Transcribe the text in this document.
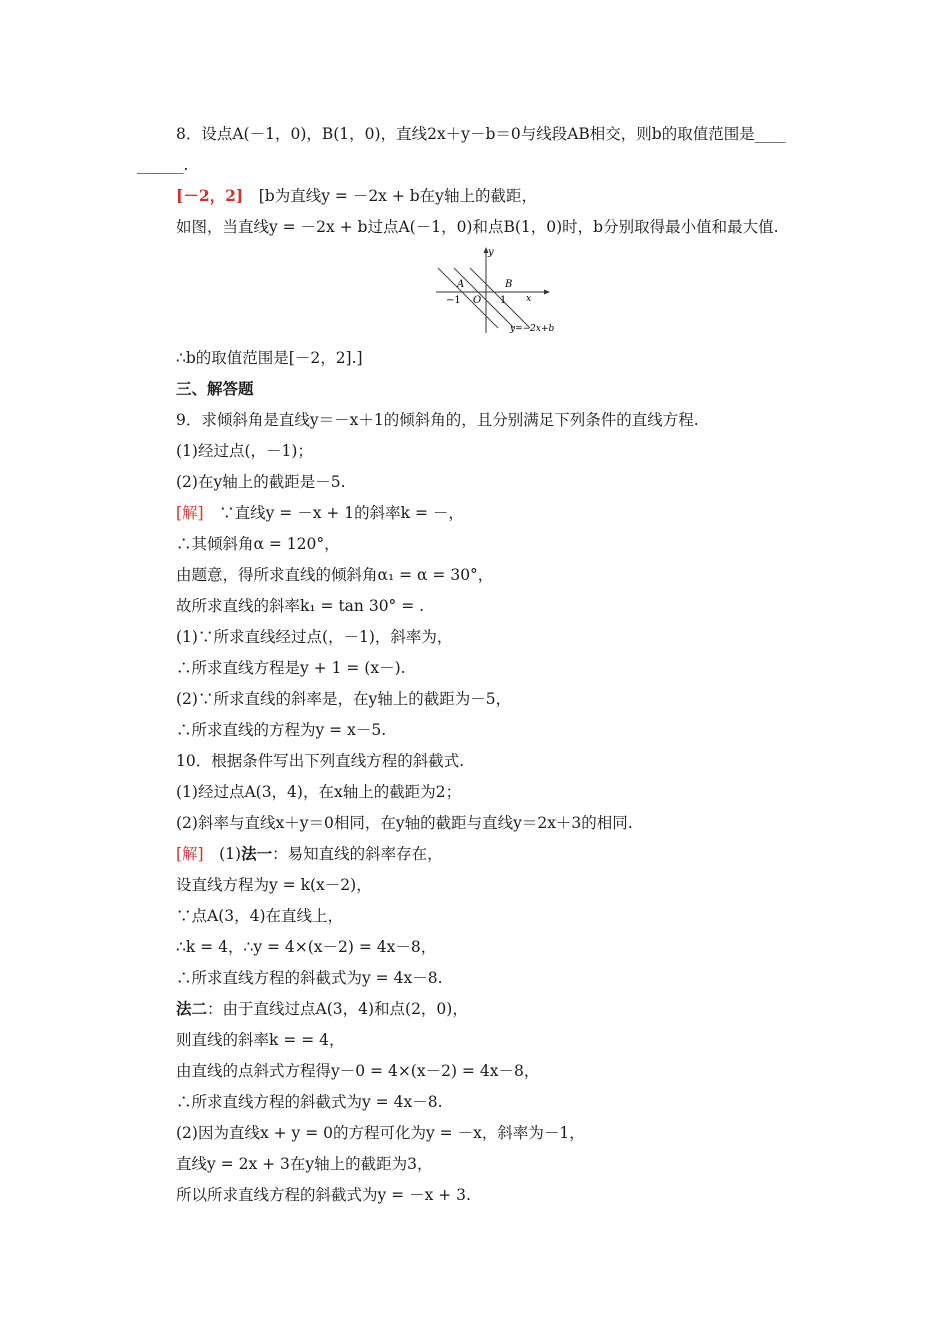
8．设点A(－1，0)，B(1，0)，直线2x＋y－b＝0与线段AB相交，则b的取值范围是____
______.
[－2，2]　[b为直线y = －2x + b在y轴上的截距，
如图，当直线y = －2x + b过点A(－1，0)和点B(1，0)时，b分别取得最小值和最大值.
y
x
A	B
O
−1	1
y=−2x+b
∴b的取值范围是[－2，2].]
三、解答题
9．求倾斜角是直线y＝－x＋1的倾斜角的，且分别满足下列条件的直线方程.
(1)经过点(，－1)；
(2)在y轴上的截距是－5.
[解]　∵直线y = －x + 1的斜率k = －，
∴其倾斜角α = 120°，
由题意，得所求直线的倾斜角α₁ = α = 30°，
故所求直线的斜率k₁ = tan 30° = .
(1)∵所求直线经过点(，－1)，斜率为，
∴所求直线方程是y + 1 = (x－).
(2)∵所求直线的斜率是，在y轴上的截距为－5，
∴所求直线的方程为y = x－5.
10．根据条件写出下列直线方程的斜截式.
(1)经过点A(3，4)，在x轴上的截距为2；
(2)斜率与直线x＋y＝0相同，在y轴的截距与直线y＝2x＋3的相同.
[解]　(1)法一：易知直线的斜率存在，
设直线方程为y = k(x－2)，
∵点A(3，4)在直线上，
∴k = 4，∴y = 4×(x－2) = 4x－8，
∴所求直线方程的斜截式为y = 4x－8.
法二：由于直线过点A(3，4)和点(2，0)，
则直线的斜率k = = 4，
由直线的点斜式方程得y－0 = 4×(x－2) = 4x－8，
∴所求直线方程的斜截式为y = 4x－8.
(2)因为直线x + y = 0的方程可化为y = －x，斜率为－1，
直线y = 2x + 3在y轴上的截距为3，
所以所求直线方程的斜截式为y = －x + 3.
